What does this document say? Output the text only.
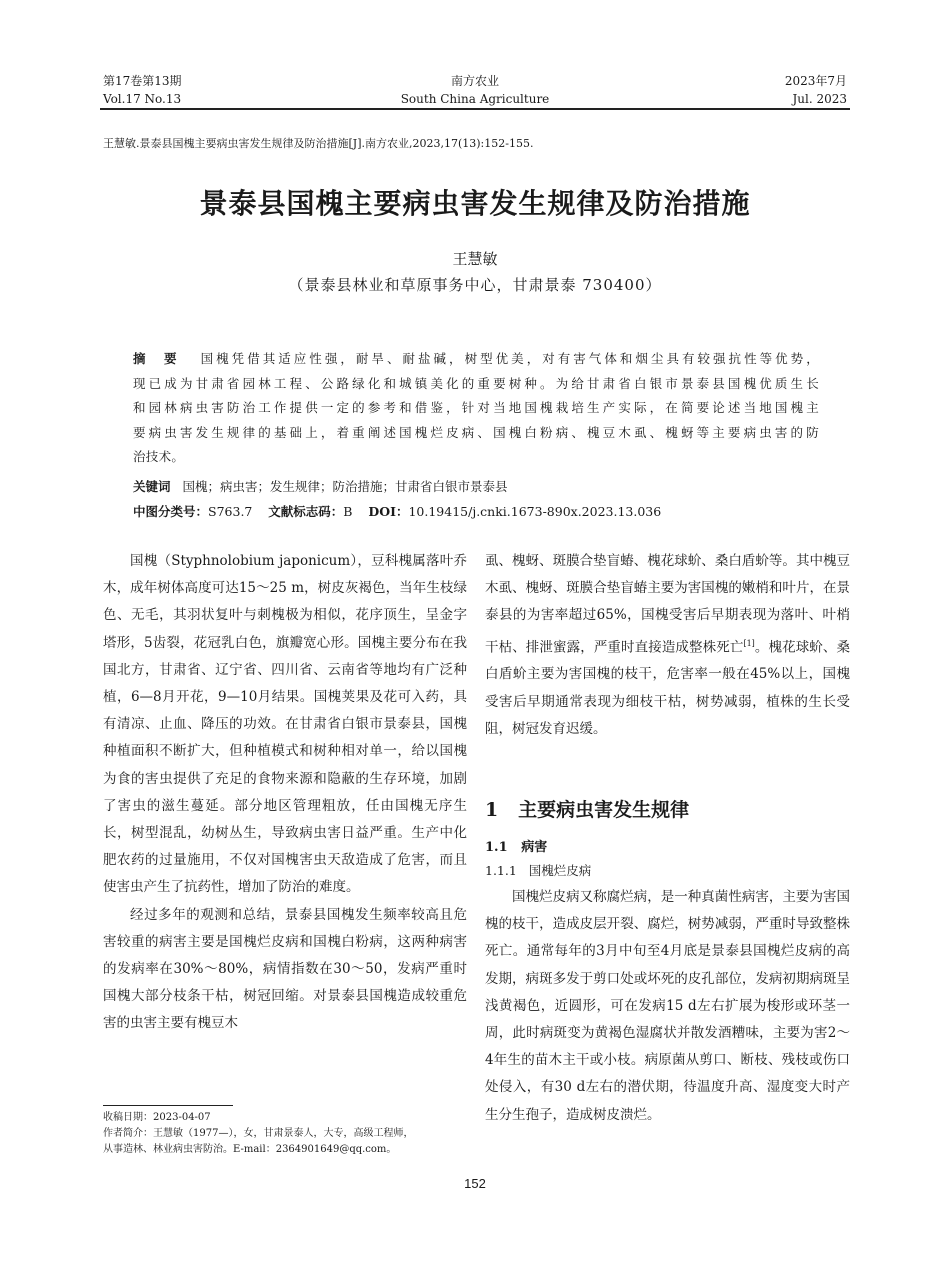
第17卷第13期
Vol.17 No.13
南方农业
South China Agriculture
2023年7月
Jul. 2023
王慧敏.景泰县国槐主要病虫害发生规律及防治措施[J].南方农业,2023,17(13):152-155.
景泰县国槐主要病虫害发生规律及防治措施
王慧敏
（景泰县林业和草原事务中心，甘肃景泰 730400）
摘　要 国槐凭借其适应性强，耐旱、耐盐碱，树型优美，对有害气体和烟尘具有较强抗性等优势，
现已成为甘肃省园林工程、公路绿化和城镇美化的重要树种。为给甘肃省白银市景泰县国槐优质生长
和园林病虫害防治工作提供一定的参考和借鉴，针对当地国槐栽培生产实际，在简要论述当地国槐主
要病虫害发生规律的基础上，着重阐述国槐烂皮病、国槐白粉病、槐豆木虱、槐蚜等主要病虫害的防
治技术。
关键词 国槐；病虫害；发生规律；防治措施；甘肃省白银市景泰县
中图分类号：S763.7 文献标志码：B DOI：10.19415/j.cnki.1673-890x.2023.13.036

国槐（Styphnolobium japonicum），豆科槐属落叶乔木，成年树体高度可达15～25 m，树皮灰褐色，当年生枝绿色、无毛，其羽状复叶与刺槐极为相似，花序顶生，呈金字塔形，5齿裂，花冠乳白色，旗瓣宽心形。国槐主要分布在我国北方，甘肃省、辽宁省、四川省、云南省等地均有广泛种植，6—8月开花，9—10月结果。国槐荚果及花可入药，具有清凉、止血、降压的功效。在甘肃省白银市景泰县，国槐种植面积不断扩大，但种植模式和树种相对单一，给以国槐为食的害虫提供了充足的食物来源和隐蔽的生存环境，加剧了害虫的滋生蔓延。部分地区管理粗放，任由国槐无序生长，树型混乱，幼树丛生，导致病虫害日益严重。生产中化肥农药的过量施用，不仅对国槐害虫天敌造成了危害，而且使害虫产生了抗药性，增加了防治的难度。

经过多年的观测和总结，景泰县国槐发生频率较高且危害较重的病害主要是国槐烂皮病和国槐白粉病，这两种病害的发病率在30%～80%，病情指数在30～50，发病严重时国槐大部分枝条干枯，树冠回缩。对景泰县国槐造成较重危害的虫害主要有槐豆木

收稿日期：2023-04-07
作者简介：王慧敏（1977—），女，甘肃景泰人，大专，高级工程师，
从事造林、林业病虫害防治。E-mail：2364901649@qq.com。

虱、槐蚜、斑膜合垫盲蝽、槐花球蚧、桑白盾蚧等。其中槐豆木虱、槐蚜、斑膜合垫盲蝽主要为害国槐的嫩梢和叶片，在景泰县的为害率超过65%，国槐受害后早期表现为落叶、叶梢干枯、排泄蜜露，严重时直接造成整株死亡[1]。槐花球蚧、桑白盾蚧主要为害国槐的枝干，危害率一般在45%以上，国槐受害后早期通常表现为细枝干枯，树势减弱，植株的生长受阻，树冠发育迟缓。

1 主要病虫害发生规律
1.1 病害
1.1.1 国槐烂皮病

国槐烂皮病又称腐烂病，是一种真菌性病害，主要为害国槐的枝干，造成皮层开裂、腐烂，树势减弱，严重时导致整株死亡。通常每年的3月中旬至4月底是景泰县国槐烂皮病的高发期，病斑多发于剪口处或坏死的皮孔部位，发病初期病斑呈浅黄褐色，近圆形，可在发病15 d左右扩展为梭形或环茎一周，此时病斑变为黄褐色湿腐状并散发酒糟味，主要为害2～4年生的苗木主干或小枝。病原菌从剪口、断枝、残枝或伤口处侵入，有30 d左右的潜伏期，待温度升高、湿度变大时产生分生孢子，造成树皮溃烂。

152
